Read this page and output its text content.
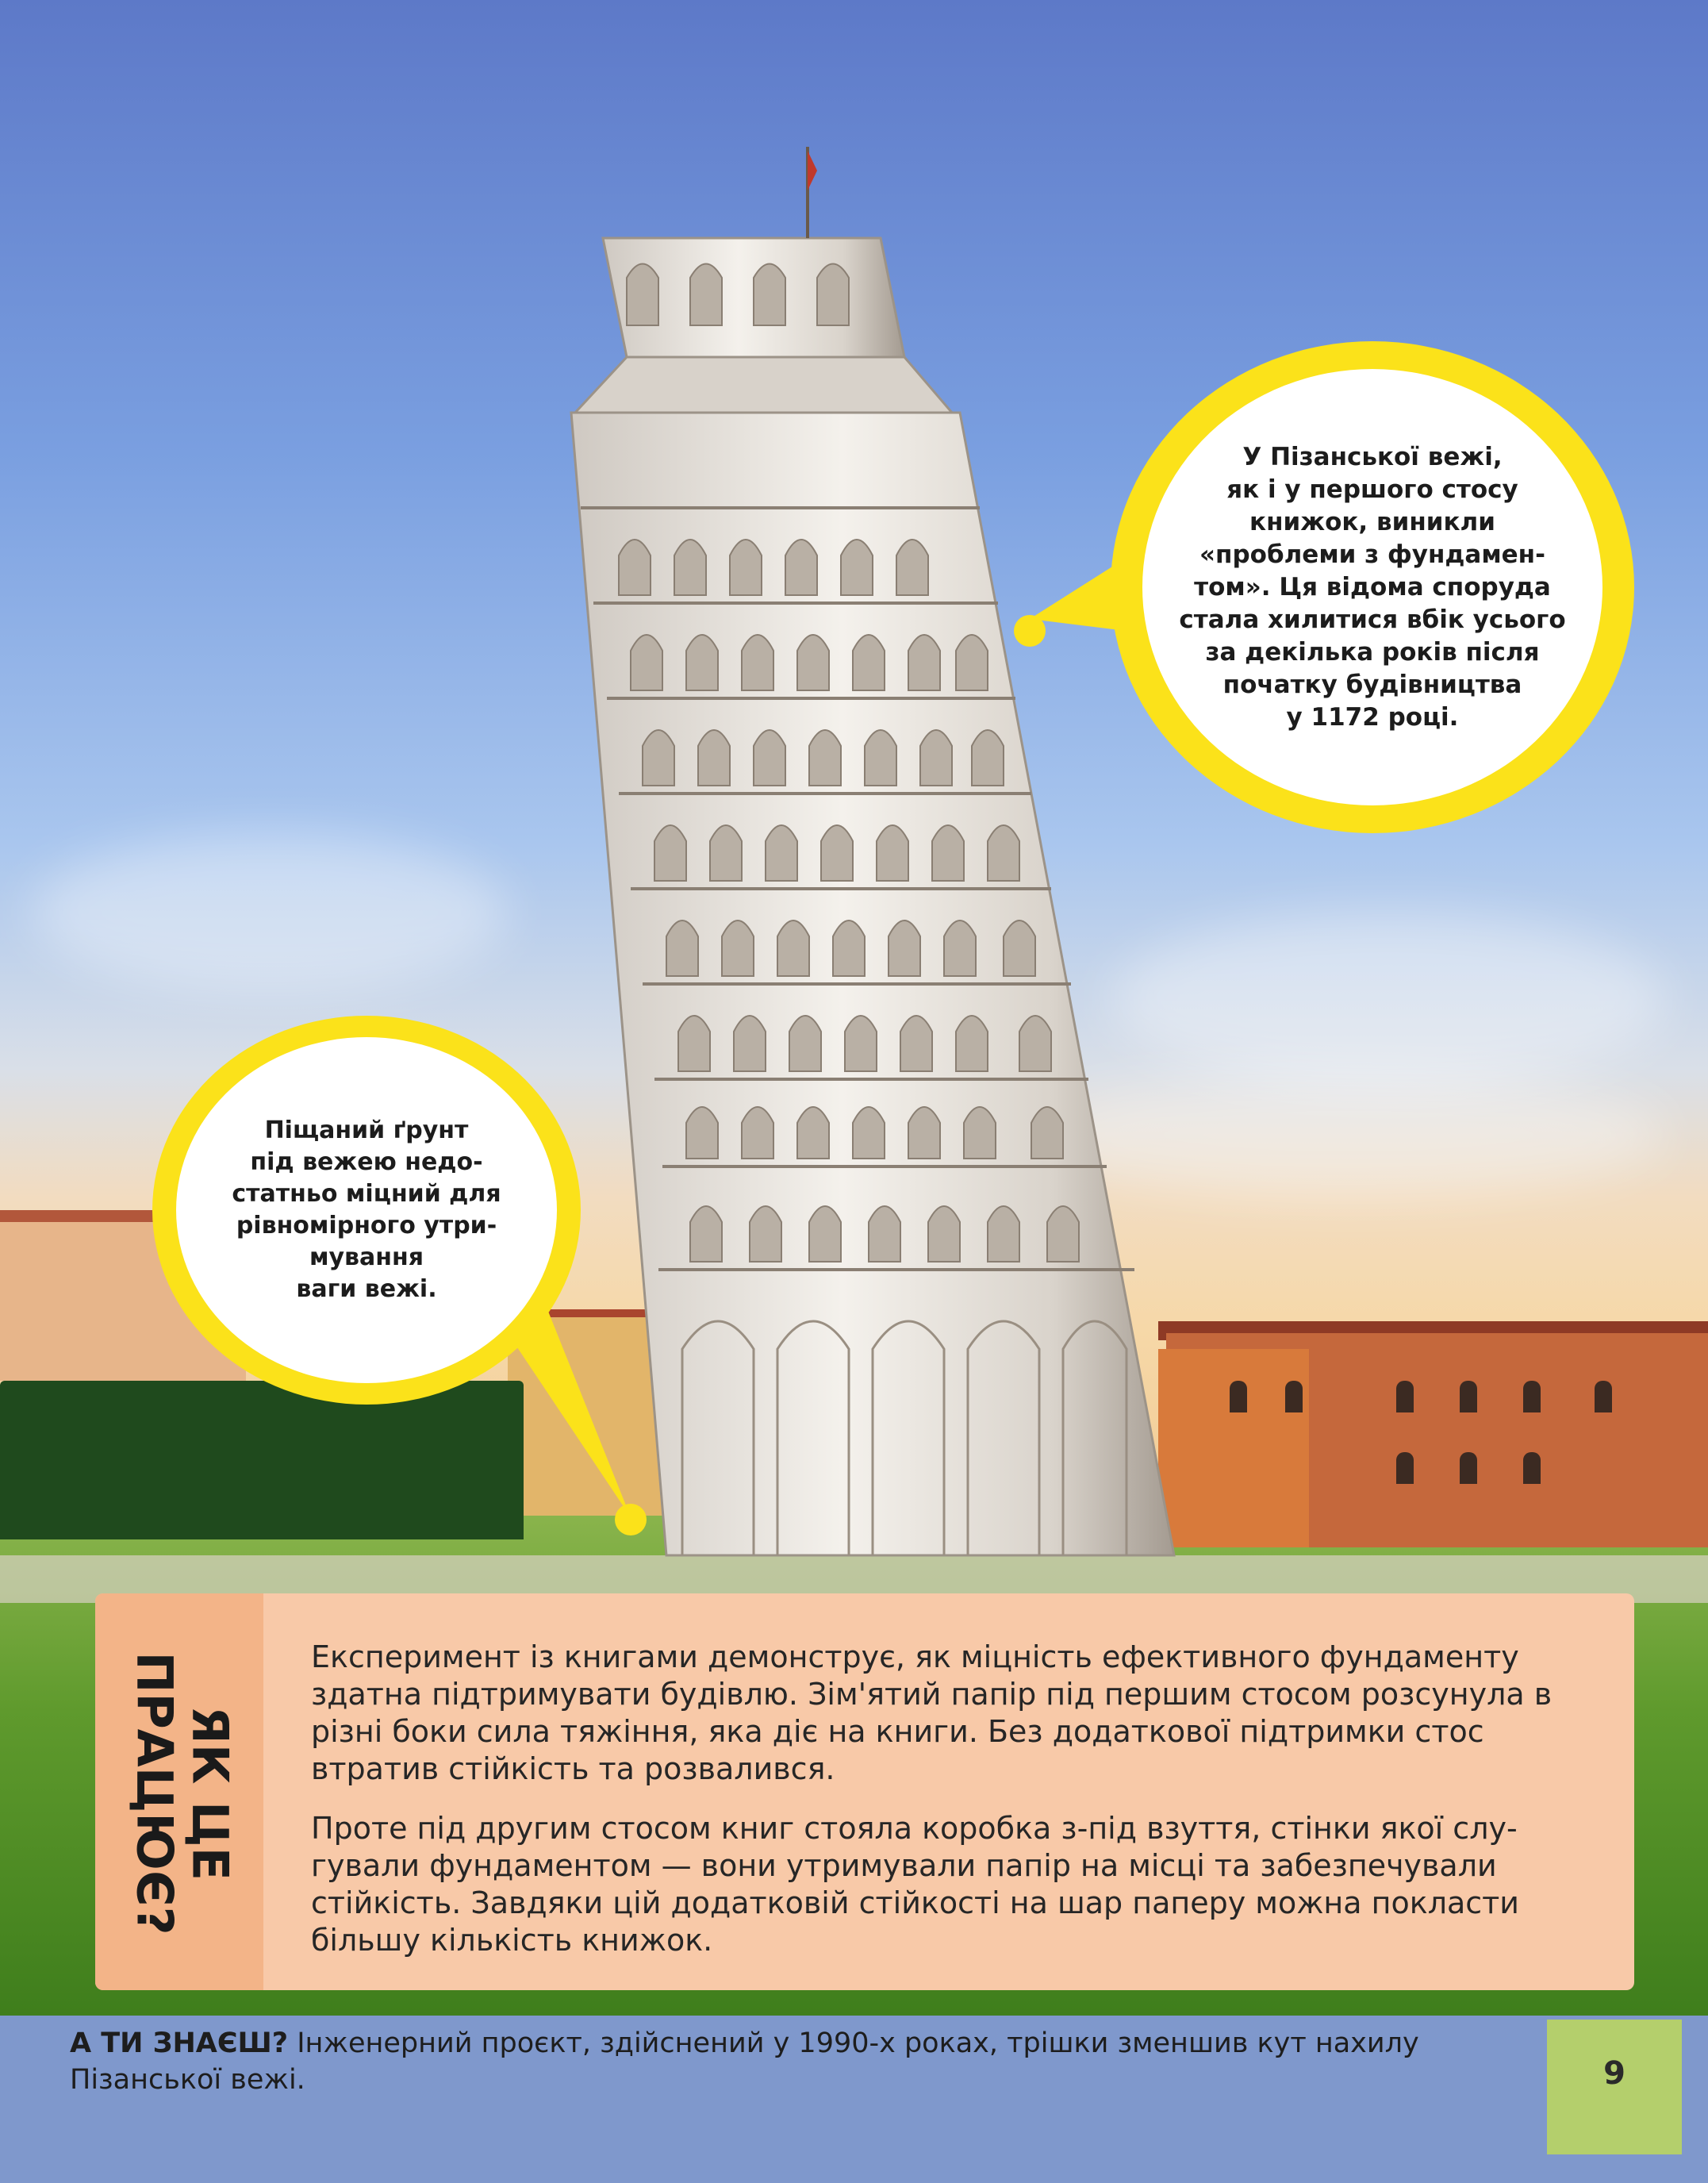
У Пізанської вежі,
як і у першого стосу
книжок, виникли
«проблеми з фундамен-
том». Ця відома споруда
стала хилитися вбік усього
за декілька років після
початку будівництва
у 1172 році.
Піщаний ґрунт
під вежею недо-
статньо міцний для
рівномірного утри-
мування
ваги вежі.
ЯК ЦЕ
ПРАЦЮЄ?	Експеримент із книгами демонструє, як міцність ефективного фундаменту здатна підтримувати будівлю. Зім'ятий папір під першим стосом розсунула в різні боки сила тяжіння, яка діє на книги. Без додаткової підтримки стос втратив стійкість та розвалився.

Проте під другим стосом книг стояла коробка з-під взуття, стінки якої слу- гували фундаментом — вони утримували папір на місці та забезпечували стійкість. Завдяки цій додатковій стійкості на шар паперу можна покласти більшу кількість книжок.

А ТИ ЗНАЄШ? Інженерний проєкт, здійснений у 1990-х роках, трішки зменшив кут нахилу Пізанської вежі.	9
